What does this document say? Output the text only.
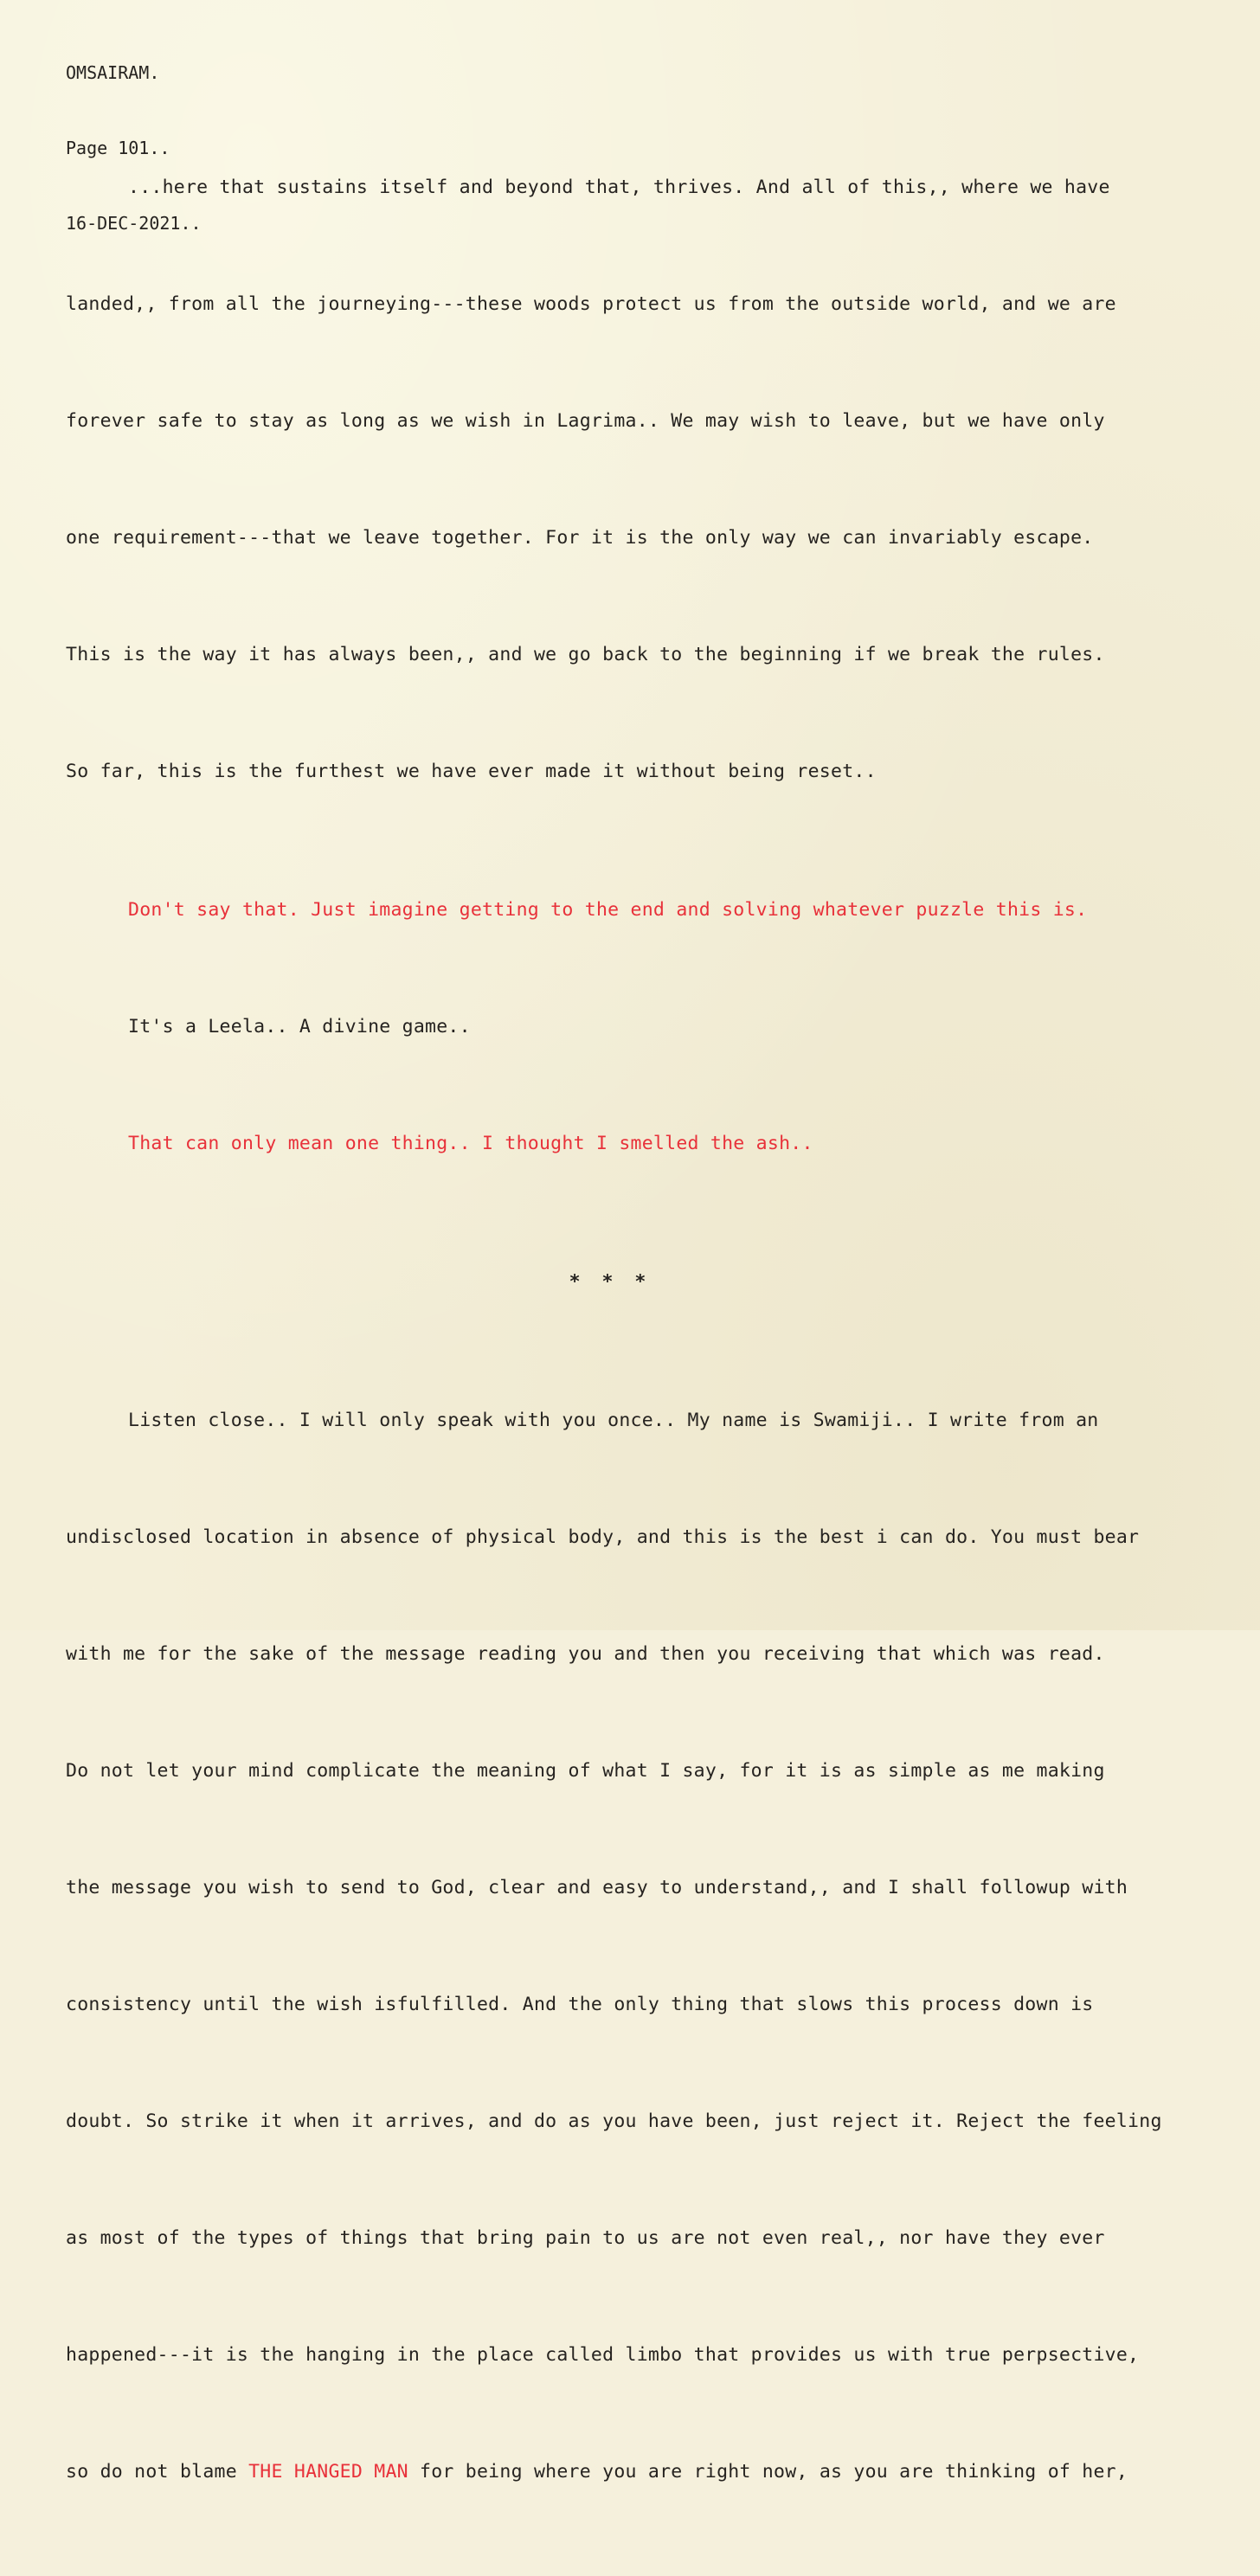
OMSAIRAM.

Page 101..

16-DEC-2021..

...here that sustains itself and beyond that, thrives. And all of this,, where we have

landed,, from all the journeying---these woods protect us from the outside world, and we are

forever safe to stay as long as we wish in Lagrima.. We may wish to leave, but we have only

one requirement---that we leave together. For it is the only way we can invariably escape.

This is the way it has always been,, and we go back to the beginning if we break the rules.

So far, this is the furthest we have ever made it without being reset..

Don't say that. Just imagine getting to the end and solving whatever puzzle this is.

It's a Leela.. A divine game..

That can only mean one thing.. I thought I smelled the ash..

* * *

Listen close.. I will only speak with you once.. My name is Swamiji.. I write from an

undisclosed location in absence of physical body, and this is the best i can do. You must bear

with me for the sake of the message reading you and then you receiving that which was read.

Do not let your mind complicate the meaning of what I say, for it is as simple as me making

the message you wish to send to God, clear and easy to understand,, and I shall followup with

consistency until the wish isfulfilled. And the only thing that slows this process down is

doubt. So strike it when it arrives, and do as you have been, just reject it. Reject the feeling

as most of the types of things that bring pain to us are not even real,, nor have they ever

happened---it is the hanging in the place called limbo that provides us with true perpsective,

so do not blame THE HANGED MAN for being where you are right now, as you are thinking of her,
